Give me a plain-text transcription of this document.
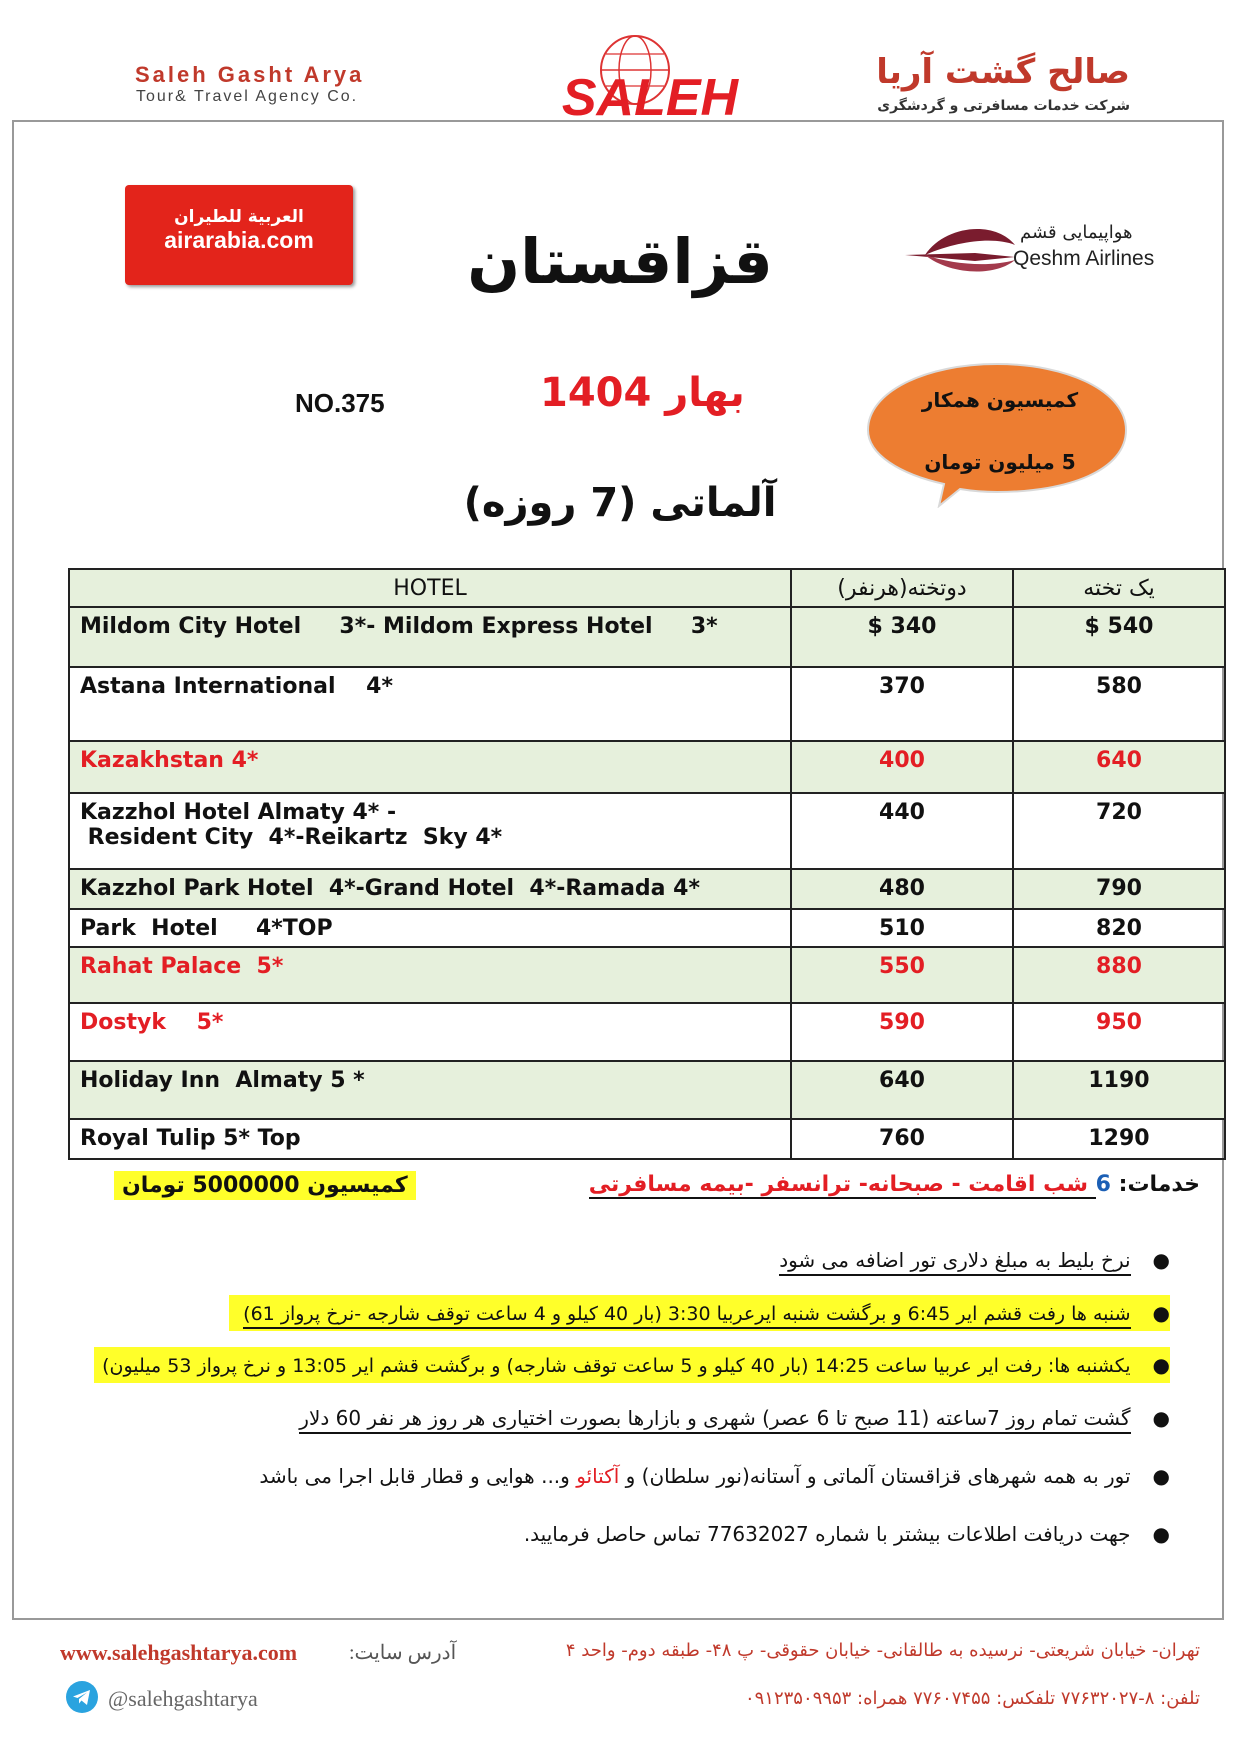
Saleh Gasht Arya
Tour& Travel Agency Co.	SALEH	صالح گشت آریا
شرکت خدمات مسافرتی و گردشگری
العربية للطيران
airarabia.com	هواپیمایی قشم
Qeshm Airlines
قزاقستان
NO.375	بهار 1404
آلماتی (7 روزه)
کمیسیون همکار
5 میلیون تومان
HOTEL	دوتخته(هرنفر)	یک تخته
Mildom City Hotel     3*- Mildom Express Hotel     3*	$ 340	$ 540
Astana International    4*	370	580
Kazakhstan 4*	400	640
Kazzhol Hotel Almaty 4* -
Resident City  4*-Reikartz  Sky 4*	440	720
Kazzhol Park Hotel  4*-Grand Hotel  4*-Ramada 4*	480	790
Park  Hotel     4*TOP	510	820
Rahat Palace  5*	550	880
Dostyk    5*	590	950
Holiday Inn  Almaty 5 *	640	1190
Royal Tulip 5* Top	760	1290
کمیسیون 5000000 تومان	خدمات: 6 شب اقامت - صبحانه- ترانسفر -بیمه مسافرتی
●نرخ بلیط به مبلغ دلاری تور اضافه می شود
●شنبه ها رفت قشم ایر 6:45 و برگشت شنبه ایرعربیا 3:30 (بار 40 کیلو و 4 ساعت توقف شارجه -نرخ پرواز 61)
●یکشنبه ها: رفت ایر عربیا ساعت 14:25 (بار 40 کیلو و 5 ساعت توقف شارجه) و برگشت قشم ایر 13:05 و نرخ پرواز 53 میلیون)
●گشت تمام روز 7ساعته (11 صبح تا 6 عصر) شهری و بازارها بصورت اختیاری هر روز هر نفر 60 دلار
●تور به همه شهرهای قزاقستان آلماتی و آستانه(نور سلطان) و آکتائو و... هوایی و قطار قابل اجرا می باشد
●جهت دریافت اطلاعات بیشتر با شماره 77632027 تماس حاصل فرمایید.
آدرس سایت:
www.salehgashtarya.com
@salehgashtarya
تهران- خیابان شریعتی- نرسیده به طالقانی- خیابان حقوقی- پ ۴۸- طبقه دوم- واحد ۴
تلفن: ۸-۷۷۶۳۲۰۲۷ تلفکس: ۷۷۶۰۷۴۵۵ همراه: ۰۹۱۲۳۵۰۹۹۵۳
